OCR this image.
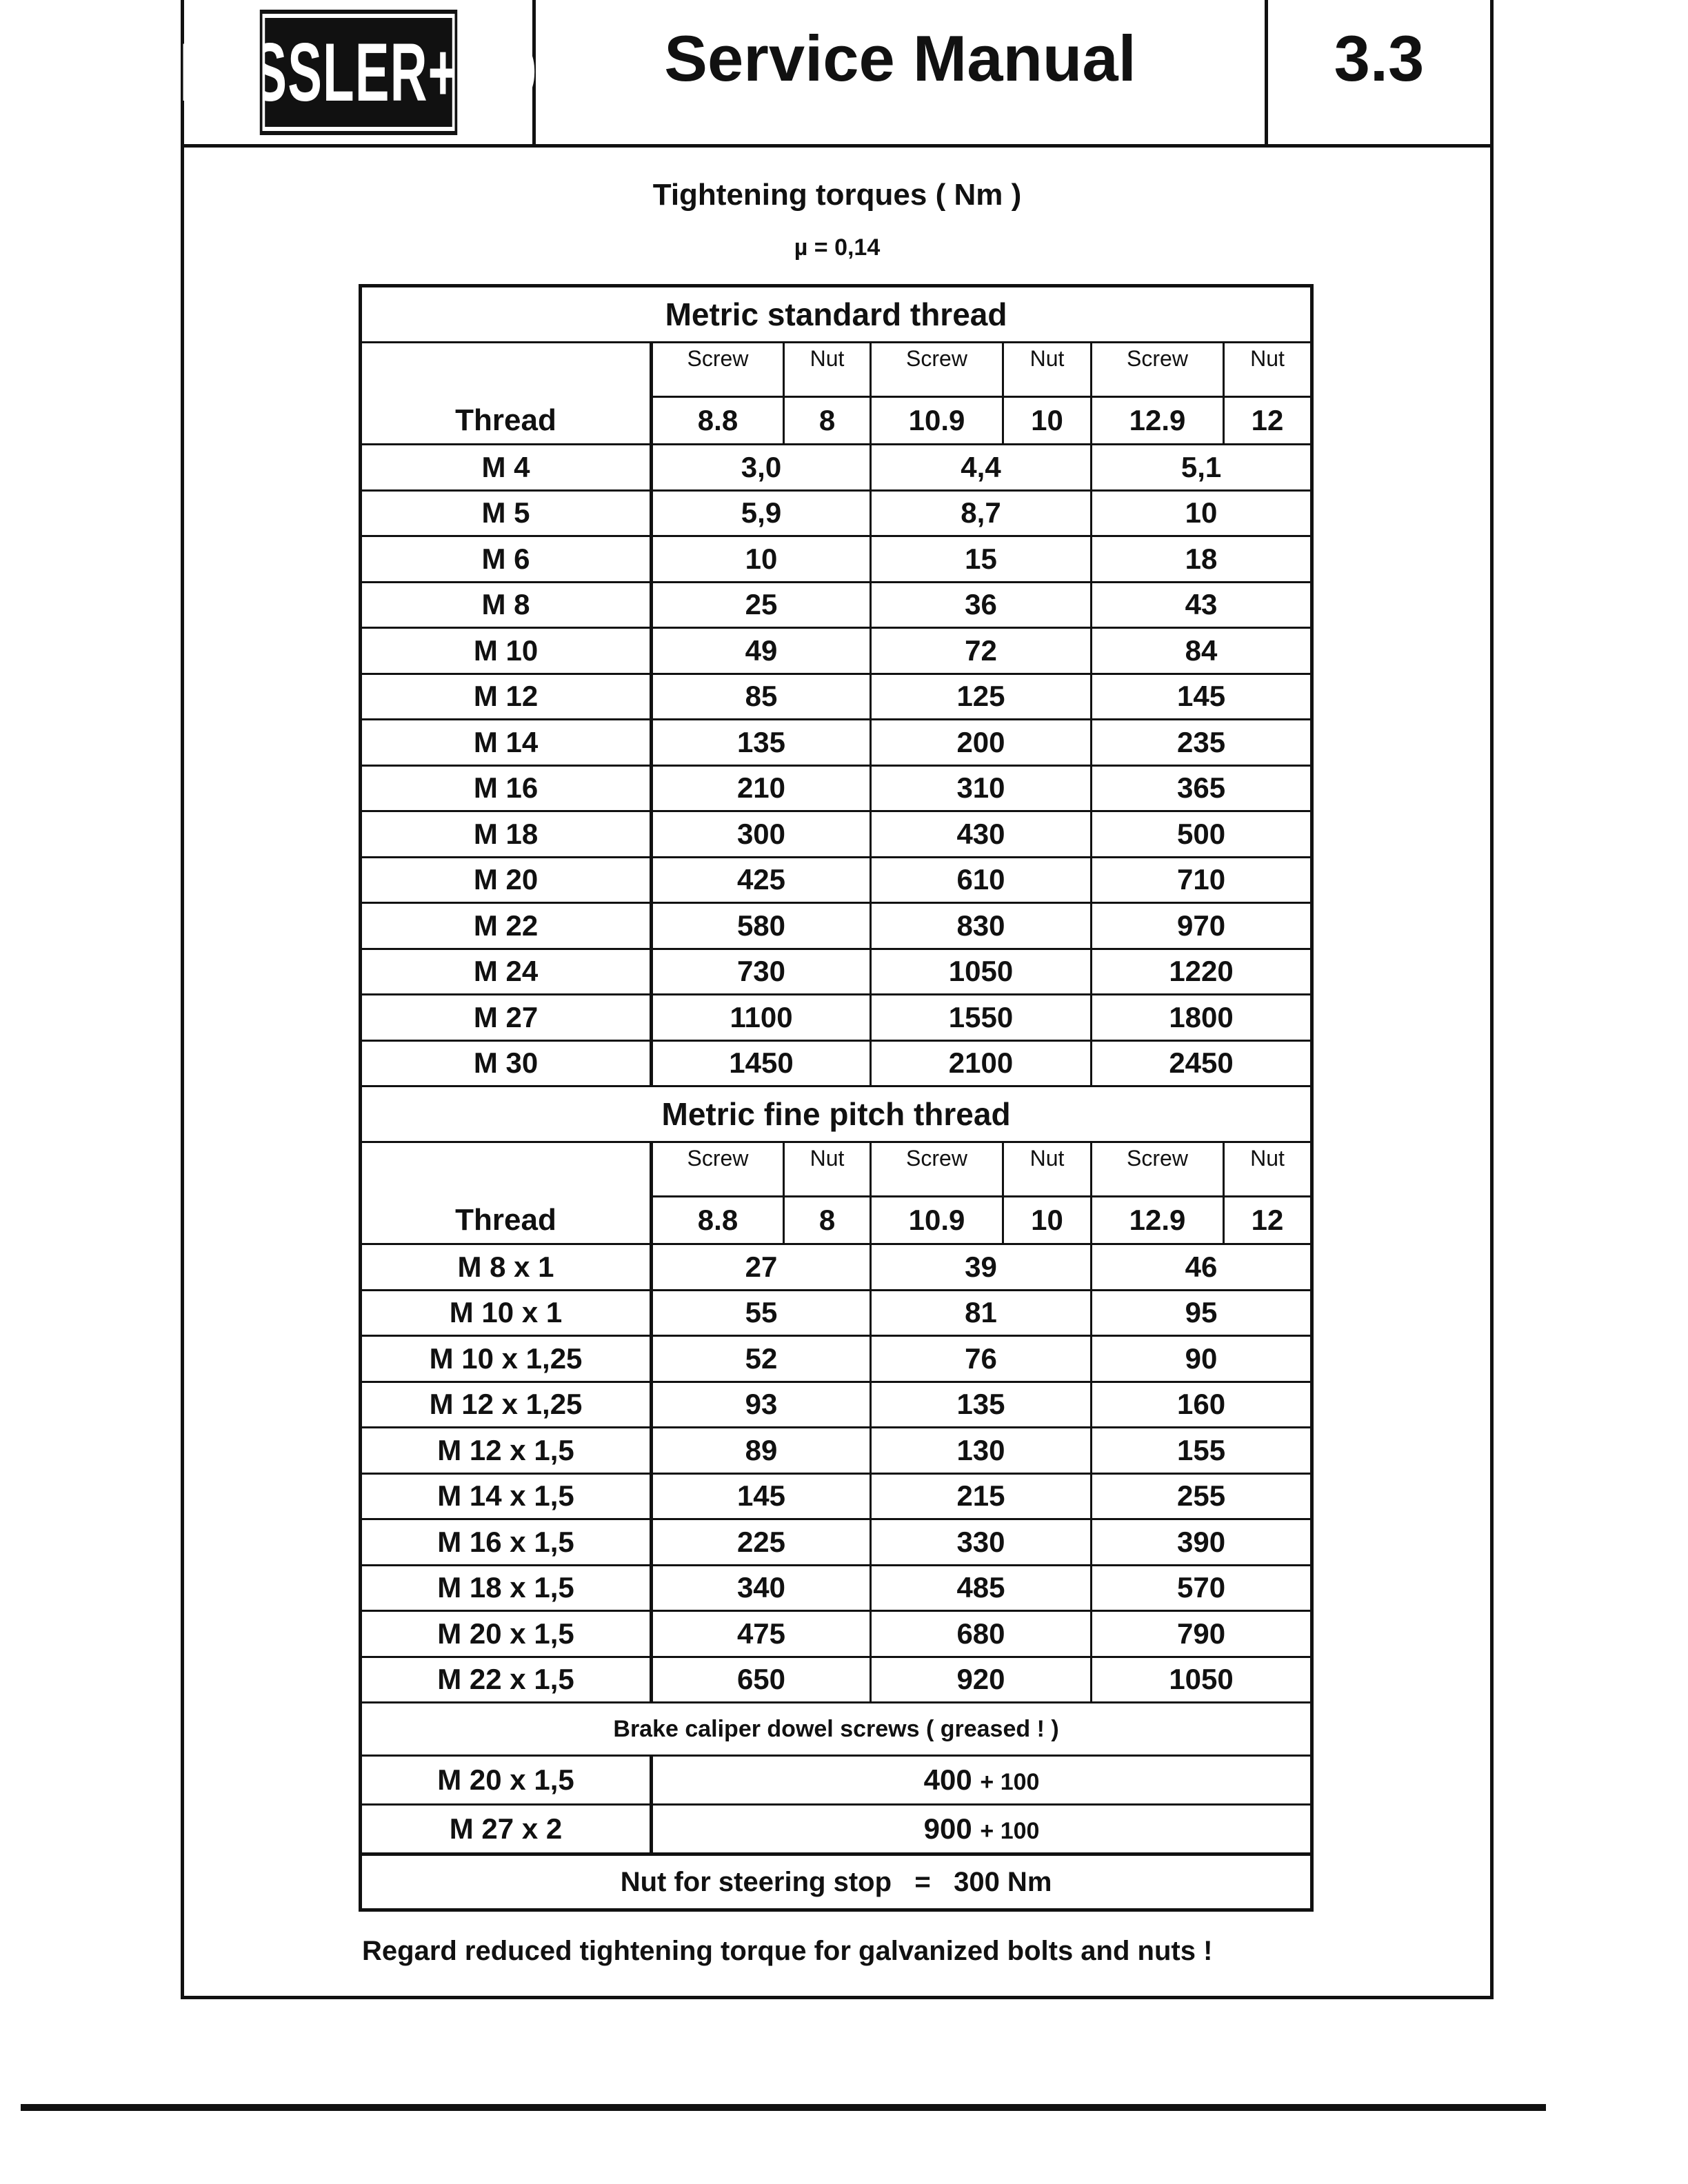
KESSLER+CO Service Manual	3.3
Tightening torques ( Nm )
µ = 0,14
Metric standard thread						
Thread	Screw	Nut	Screw	Nut	Screw	Nut
	8.8	8	10.9	10	12.9	12
M 4	3,0		4,4		5,1	
M 5	5,9		8,7		10	
M 6	10		15		18	
M 8	25		36		43	
M 10	49		72		84	
M 12	85		125		145	
M 14	135		200		235	
M 16	210		310		365	
M 18	300		430		500	
M 20	425		610		710	
M 22	580		830		970	
M 24	730		1050		1220	
M 27	1100		1550		1800	
M 30	1450		2100		2450	
Metric fine pitch thread						
Thread	Screw	Nut	Screw	Nut	Screw	Nut
	8.8	8	10.9	10	12.9	12
M 8 x 1	27		39		46	
M 10 x 1	55		81		95	
M 10 x 1,25	52		76		90	
M 12 x 1,25	93		135		160	
M 12 x 1,5	89		130		155	
M 14 x 1,5	145		215		255	
M 16 x 1,5	225		330		390	
M 18 x 1,5	340		485		570	
M 20 x 1,5	475		680		790	
M 22 x 1,5	650		920		1050	
Brake caliper dowel screws ( greased ! )						
M 20 x 1,5	400 + 100					
M 27 x 2	900 + 100					
Nut for steering stop = 300 Nm						
Regard reduced tightening torque for galvanized bolts and nuts !
